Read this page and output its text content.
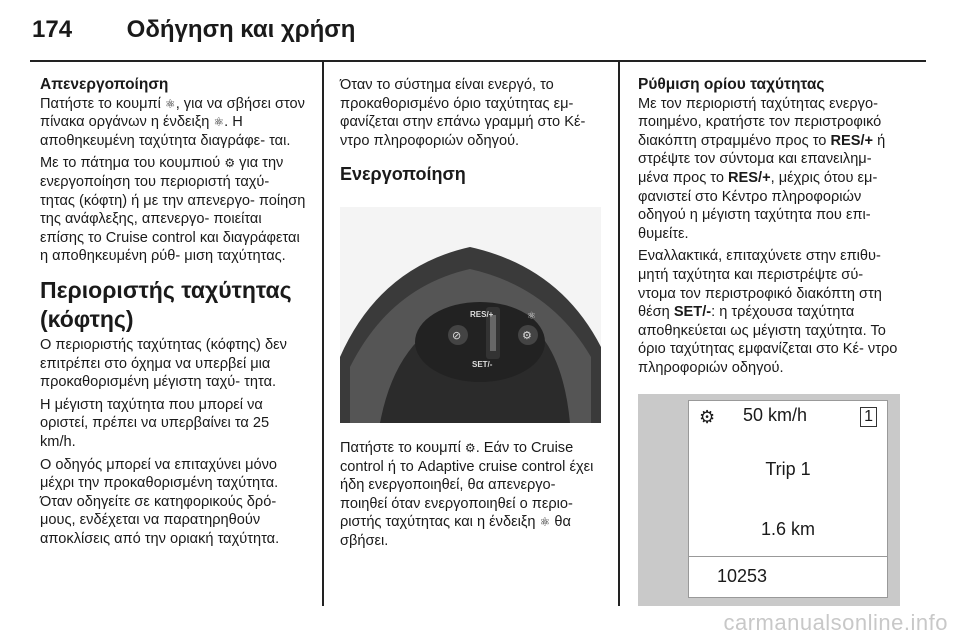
174 Οδήγηση και χρήση
Απενεργοποίηση

Πατήστε το κουμπί ⚛, για να σβήσει στον πίνακα οργάνων η ένδειξη ⚛. Η αποθηκευμένη ταχύτητα διαγράφε- ται.

Με το πάτημα του κουμπιού ⚙ για την ενεργοποίηση του περιοριστή ταχύ- τητας (κόφτη) ή με την απενεργο- ποίηση της ανάφλεξης, απενεργο- ποιείται επίσης το Cruise control και διαγράφεται η αποθηκευμένη ρύθ- μιση ταχύτητας.

Περιοριστής ταχύτητας (κόφτης)

Ο περιοριστής ταχύτητας (κόφτης) δεν επιτρέπει στο όχημα να υπερβεί μια προκαθορισμένη μέγιστη ταχύ- τητα.

Η μέγιστη ταχύτητα που μπορεί να οριστεί, πρέπει να υπερβαίνει τα 25 km/h.

Ο οδηγός μπορεί να επιταχύνει μόνο μέχρι την προκαθορισμένη ταχύτητα. Όταν οδηγείτε σε κατηφορικούς δρό- μους, ενδέχεται να παρατηρηθούν αποκλίσεις από την οριακή ταχύτητα.

Όταν το σύστημα είναι ενεργό, το προκαθορισμένο όριο ταχύτητας εμ- φανίζεται στην επάνω γραμμή στο Κέ- ντρο πληροφοριών οδηγού.

Ενεργοποίηση
RES/+
SET/-
⊘	⚙
⚛

Πατήστε το κουμπί ⚙. Εάν το Cruise control ή το Adaptive cruise control έχει ήδη ενεργοποιηθεί, θα απενεργο- ποιηθεί όταν ενεργοποιηθεί ο περιο- ριστής ταχύτητας και η ένδειξη ⚛ θα σβήσει.

Ρύθμιση ορίου ταχύτητας

Με τον περιοριστή ταχύτητας ενεργο- ποιημένο, κρατήστε τον περιστροφικό διακόπτη στραμμένο προς το RES/+ ή στρέψτε τον σύντομα και επανειλημ- μένα προς το RES/+, μέχρις ότου εμ- φανιστεί στο Κέντρο πληροφοριών οδηγού η μέγιστη ταχύτητα που επι- θυμείτε.

Εναλλακτικά, επιταχύνετε στην επιθυ- μητή ταχύτητα και περιστρέψτε σύ- ντομα τον περιστροφικό διακόπτη στη θέση SET/-: η τρέχουσα ταχύτητα αποθηκεύεται ως μέγιστη ταχύτητα. Το όριο ταχύτητας εμφανίζεται στο Κέ- ντρο πληροφοριών οδηγού.

⚙ 50 km/h	1
Trip 1
1.6 km
10253
carmanualsonline.info
